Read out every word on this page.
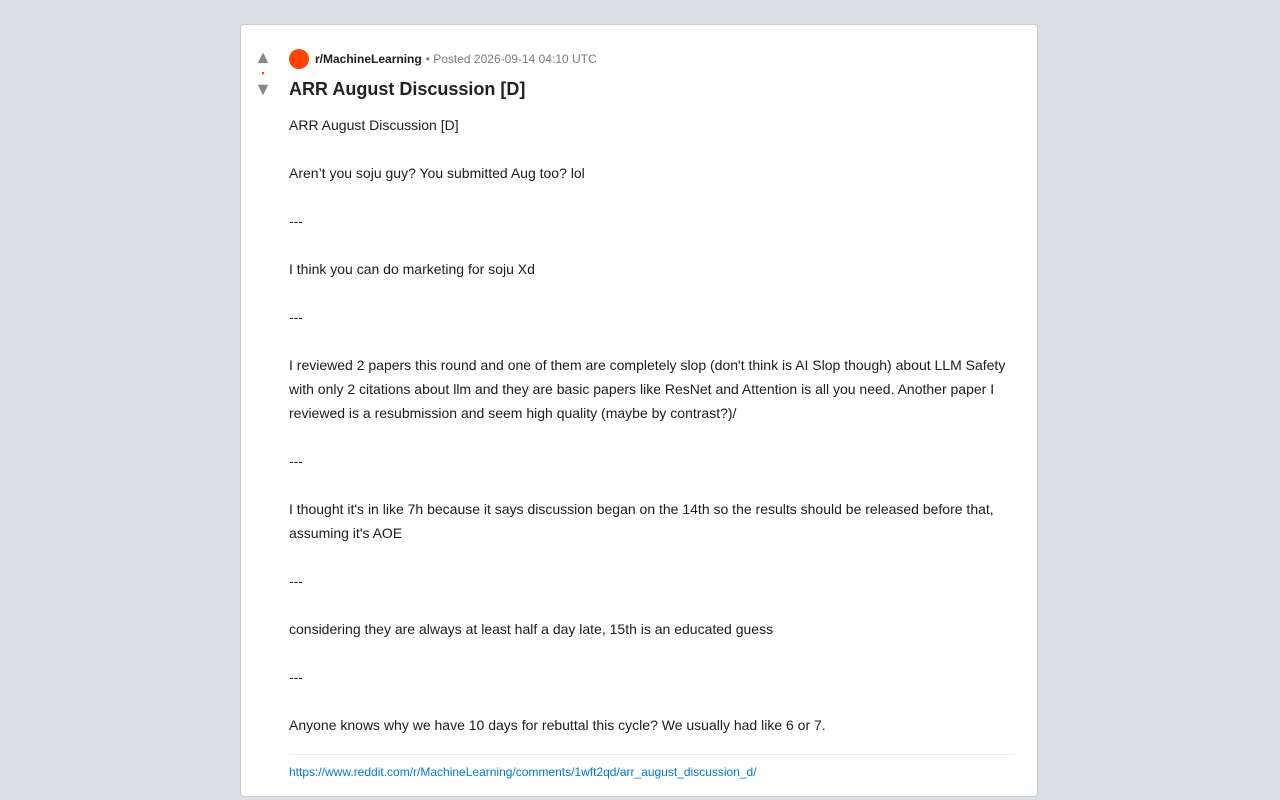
▲
•
▼
r/MachineLearning • Posted 2026-09-14 04:10 UTC
ARR August Discussion [D]

ARR August Discussion [D]

Aren’t you soju guy? You submitted Aug too? lol

---

I think you can do marketing for soju Xd

---

I reviewed 2 papers this round and one of them are completely slop (don't think is AI Slop though) about LLM Safety with only 2 citations about llm and they are basic papers like ResNet and Attention is all you need. Another paper I reviewed is a resubmission and seem high quality (maybe by contrast?)/

---

I thought it's in like 7h because it says discussion began on the 14th so the results should be released before that, assuming it's AOE

---

considering they are always at least half a day late, 15th is an educated guess

---

Anyone knows why we have 10 days for rebuttal this cycle? We usually had like 6 or 7.

https://www.reddit.com/r/MachineLearning/comments/1wft2qd/arr_august_discussion_d/
